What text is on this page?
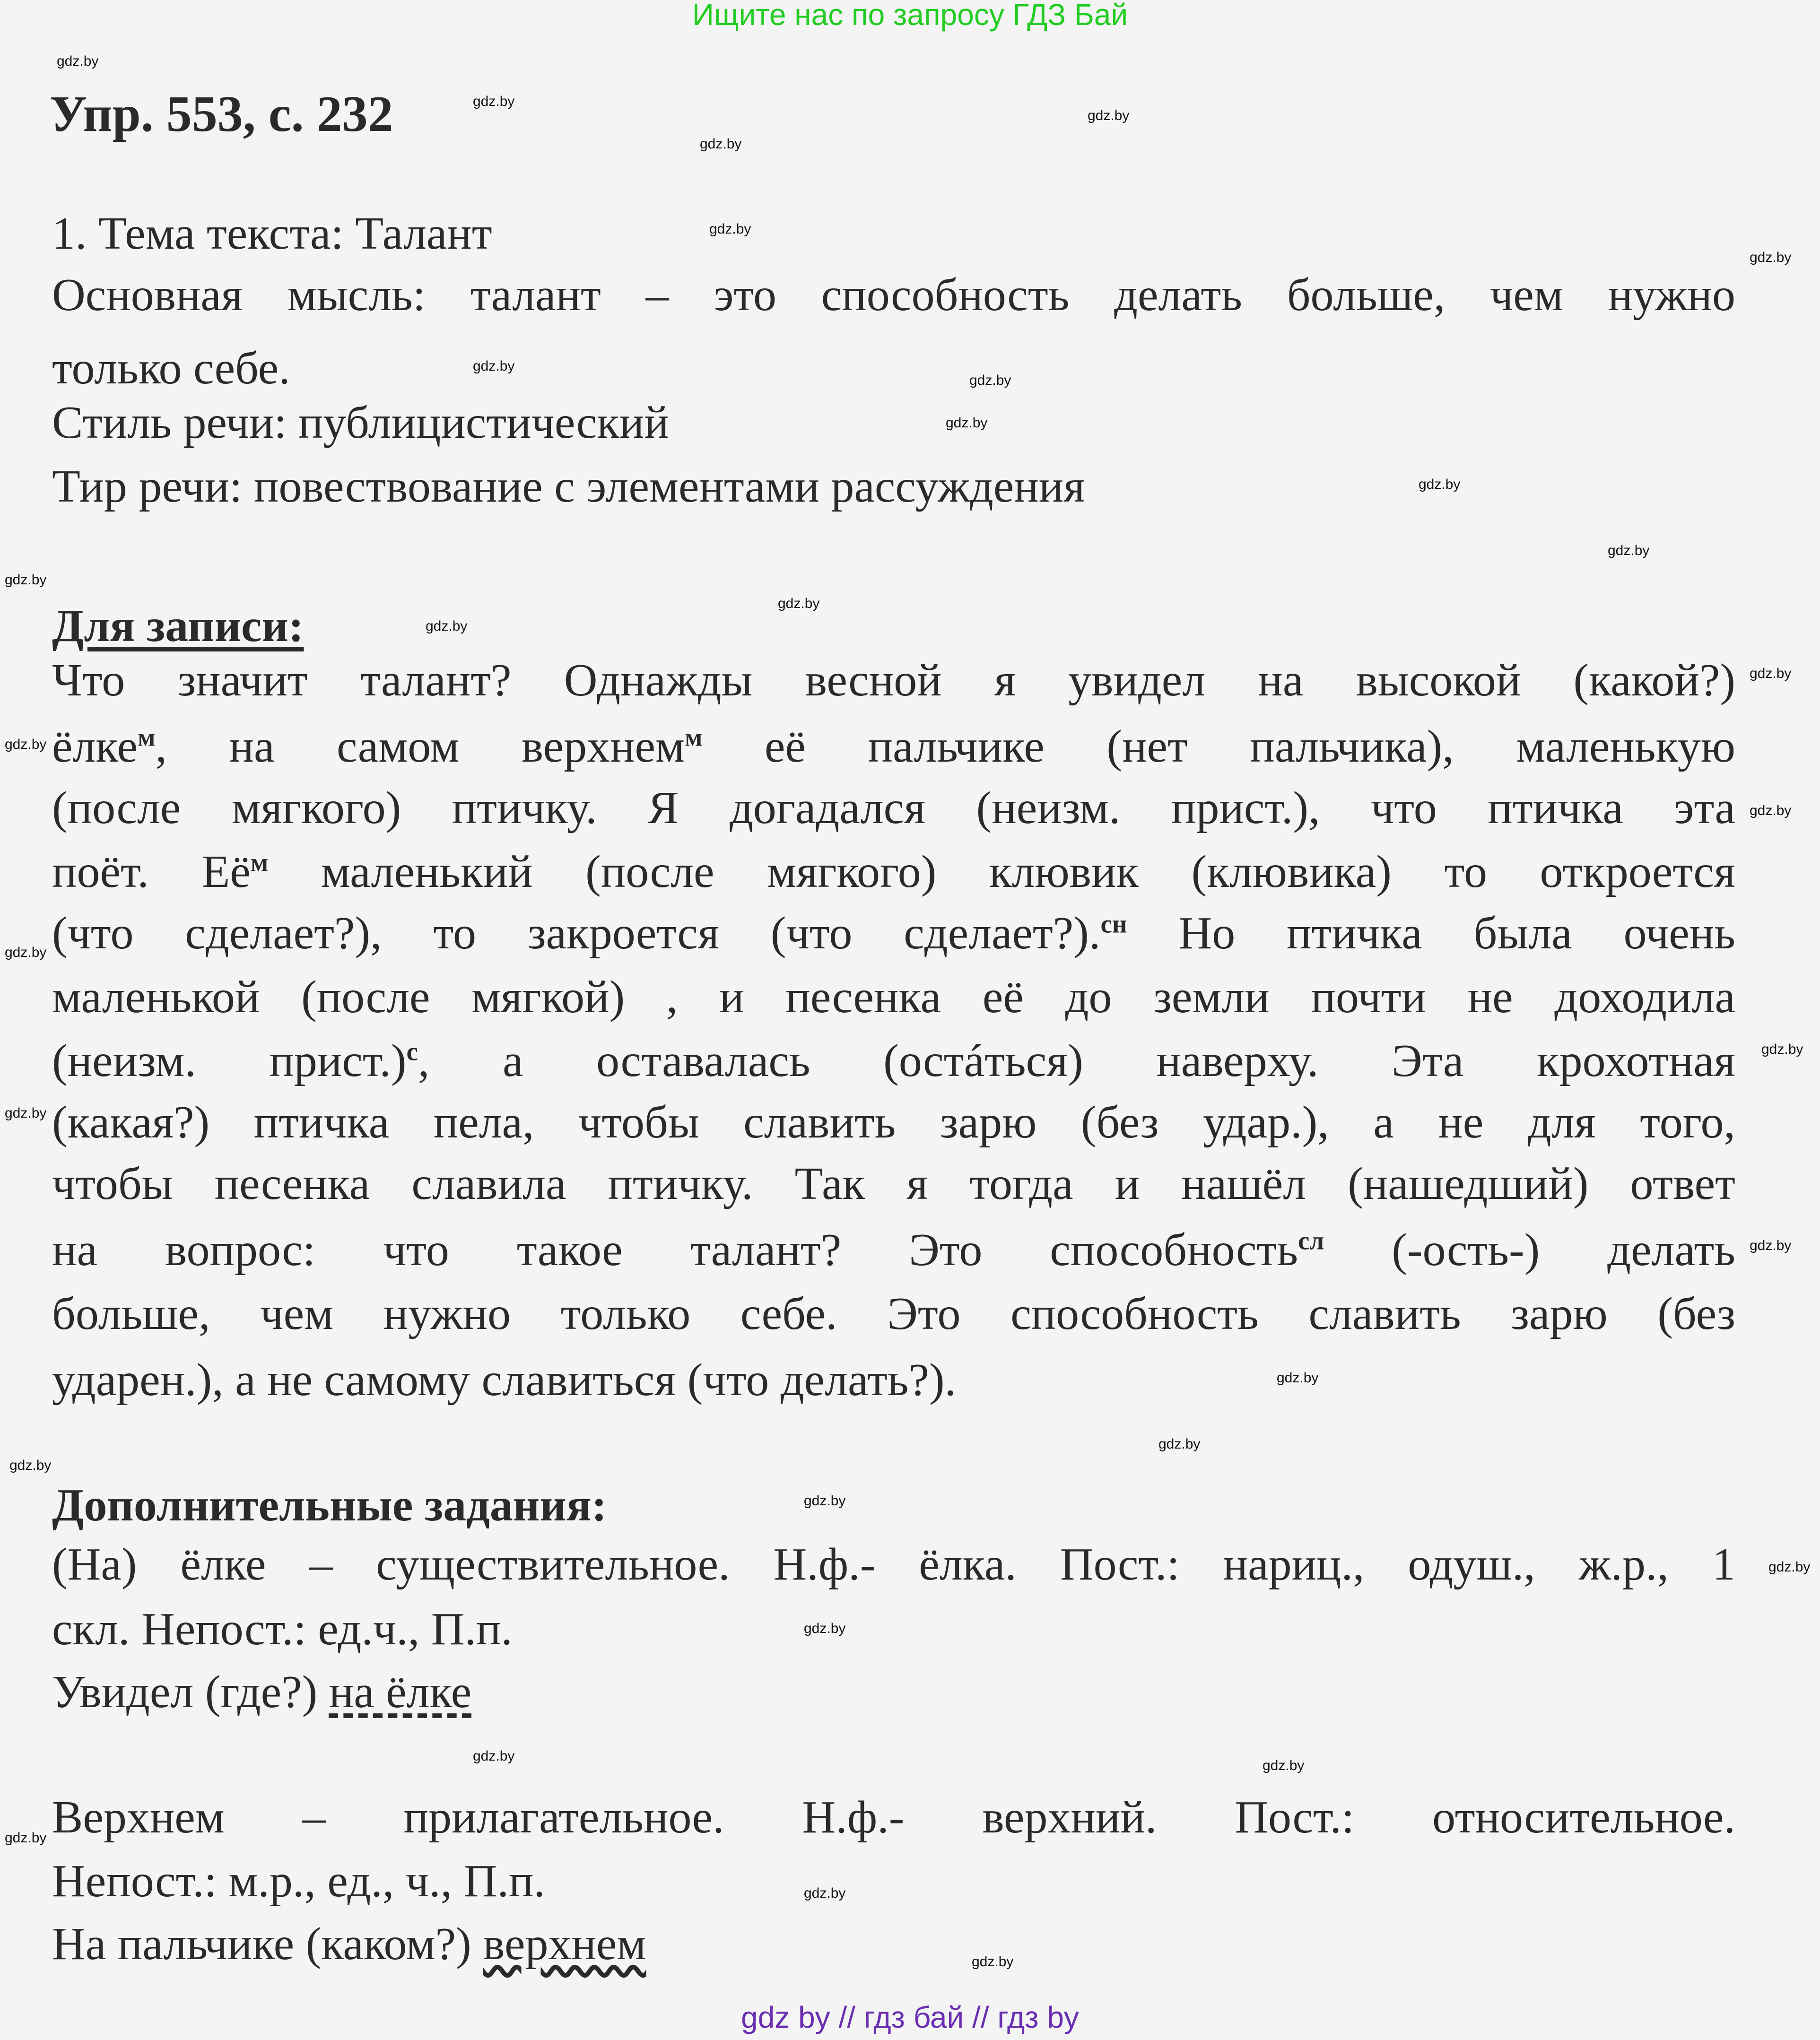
Ищите нас по запросу ГДЗ Бай
Упр. 553, с. 232
1. Тема текста: Талант
Основная мысль: талант – это способность делать больше, чем нужно
только себе.
Стиль речи: публицистический
Тир речи: повествование с элементами рассуждения
Для записи:
Что значит талант? Однажды весной я увидел на высокой (какой?)
ёлке$^м$, на самом верхнем$^м$ её пальчике (нет пальчика), маленькую
(после мягкого) птичку. Я догадался (неизм. прист.), что птичка эта
поёт. $Её^м$ маленький (после мягкого) клювик (клювика) то откроется
(что сделает?), то закроется (что сделает?).$^{сн}$ Но птичка была очень
маленькой (после мягкой) , и песенка её до земли почти не доходила
(неизм. прист.)$^с$, а оставалась (остáться) наверху. Эта крохотная
(какая?) птичка пела, чтобы славить зарю (без удар.), а не для того,
чтобы песенка славила птичку. Так я тогда и нашёл (нашедший) ответ
на вопрос: что такое талант? Это способность$^{сл}$ (-ость-) делать
больше, чем нужно только себе. Это способность славить зарю (без
ударен.), а не самому славиться (что делать?).
Дополнительные задания:
(На) ёлке – существительное. Н.ф.- ёлка. Пост.: нариц., одуш., ж.р., 1
скл. Непост.: ед.ч., П.п.
Увидел (где?) на ёлке
Верхнем – прилагательное. Н.ф.- верхний. Пост.: относительное.
Непост.: м.р., ед., ч., П.п.
На пальчике (каком?) верхнем
gdz by // гдз бай // гдз by
gdz.by
gdz.by
gdz.by
gdz.by
gdz.by
gdz.by
gdz.by
gdz.by
gdz.by
gdz.by
gdz.by
gdz.by
gdz.by
gdz.by
gdz.by
gdz.by
gdz.by
gdz.by
gdz.by
gdz.by
gdz.by
gdz.by
gdz.by
gdz.by
gdz.by
gdz.by
gdz.by
gdz.by
gdz.by
gdz.by
gdz.by
gdz.by
